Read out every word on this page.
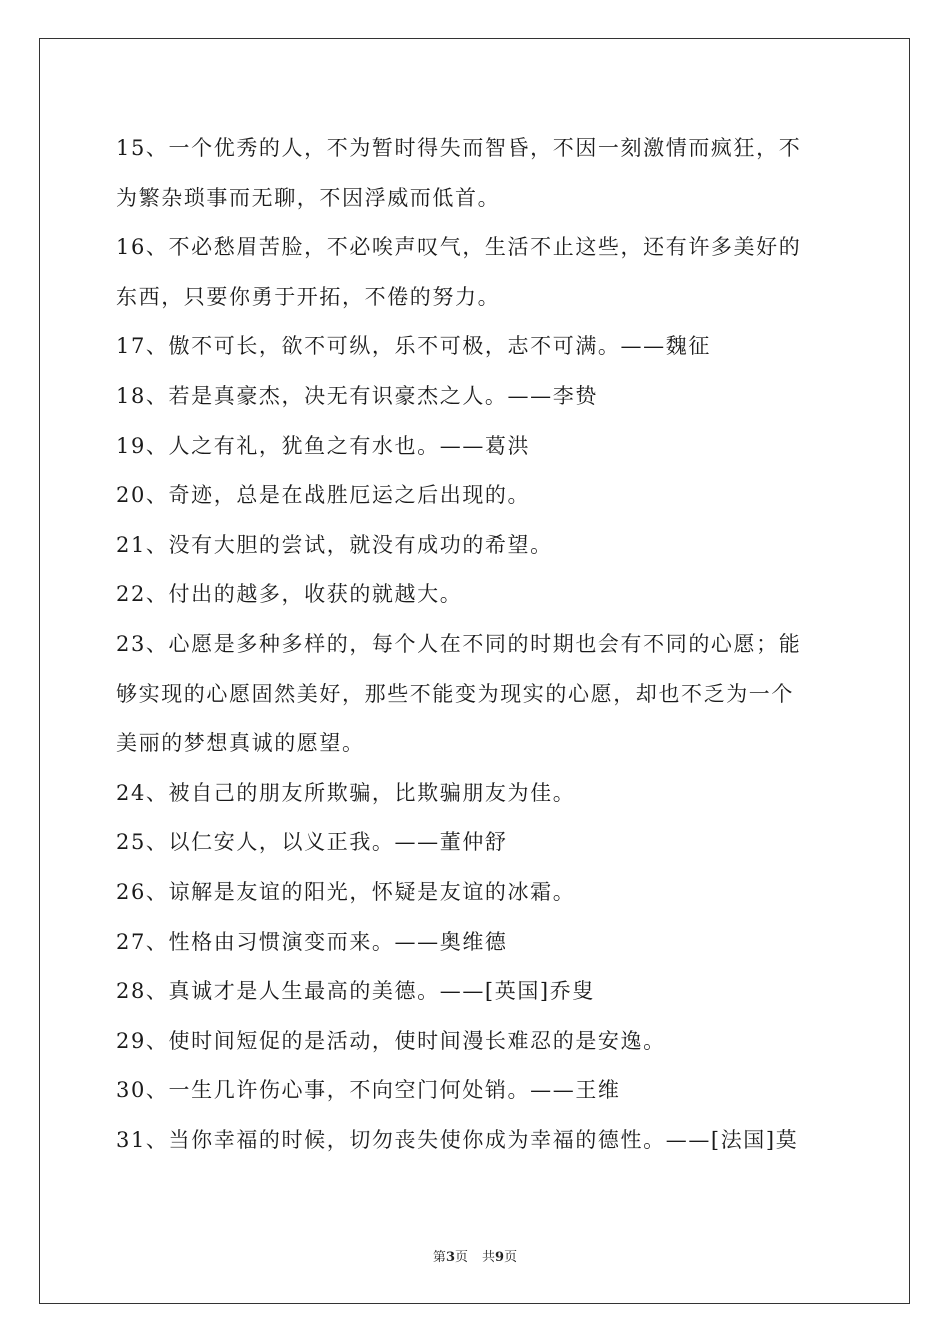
15、一个优秀的人，不为暂时得失而智昏，不因一刻激情而疯狂，不
为繁杂琐事而无聊，不因浮威而低首。
16、不必愁眉苦脸，不必唉声叹气，生活不止这些，还有许多美好的
东西，只要你勇于开拓，不倦的努力。
17、傲不可长，欲不可纵，乐不可极，志不可满。——魏征
18、若是真豪杰，决无有识豪杰之人。——李贽
19、人之有礼，犹鱼之有水也。——葛洪
20、奇迹，总是在战胜厄运之后出现的。
21、没有大胆的尝试，就没有成功的希望。
22、付出的越多，收获的就越大。
23、心愿是多种多样的，每个人在不同的时期也会有不同的心愿；能
够实现的心愿固然美好，那些不能变为现实的心愿，却也不乏为一个
美丽的梦想真诚的愿望。
24、被自己的朋友所欺骗，比欺骗朋友为佳。
25、以仁安人，以义正我。——董仲舒
26、谅解是友谊的阳光，怀疑是友谊的冰霜。
27、性格由习惯演变而来。——奥维德
28、真诚才是人生最高的美德。——[英国]乔叟
29、使时间短促的是活动，使时间漫长难忍的是安逸。
30、一生几许伤心事，不向空门何处销。——王维
31、当你幸福的时候，切勿丧失使你成为幸福的德性。——[法国]莫
第3页 共9页
